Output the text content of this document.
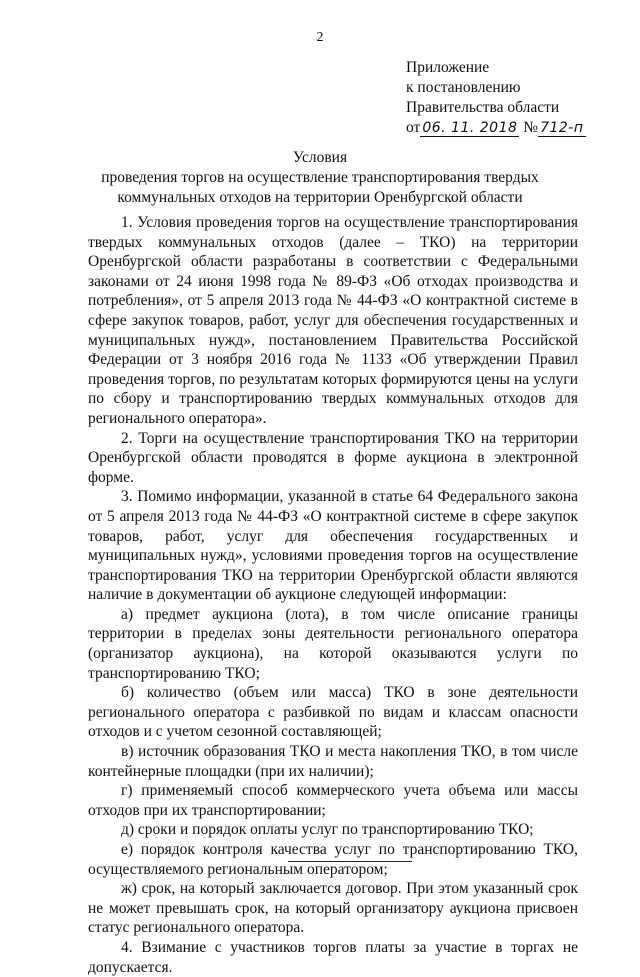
2
Приложение
к постановлению
Правительства области
от 06. 11. 2018 № 712-п
Условия
проведения торгов на осуществление транспортирования твердых
коммунальных отходов на территории Оренбургской области

1. Условия проведения торгов на осуществление транспортирования твердых коммунальных отходов (далее – ТКО) на территории Оренбургской области разработаны в соответствии с Федеральными законами от 24 июня 1998 года № 89-ФЗ «Об отходах производства и потребления», от 5 апреля 2013 года № 44-ФЗ «О контрактной системе в сфере закупок товаров, работ, услуг для обеспечения государственных и муниципальных нужд», постановлением Правительства Российской Федерации от 3 ноября 2016 года № 1133 «Об утверждении Правил проведения торгов, по результатам которых формируются цены на услуги по сбору и транспортированию твердых коммунальных отходов для регионального оператора».

2. Торги на осуществление транспортирования ТКО на территории Оренбургской области проводятся в форме аукциона в электронной форме.

3. Помимо информации, указанной в статье 64 Федерального закона от 5 апреля 2013 года № 44-ФЗ «О контрактной системе в сфере закупок товаров, работ, услуг для обеспечения государственных и муниципальных нужд», условиями проведения торгов на осуществление транспортирования ТКО на территории Оренбургской области являются наличие в документации об аукционе следующей информации:

а) предмет аукциона (лота), в том числе описание границы территории в пределах зоны деятельности регионального оператора (организатор аукциона), на которой оказываются услуги по транспортированию ТКО;

б) количество (объем или масса) ТКО в зоне деятельности регионального оператора с разбивкой по видам и классам опасности отходов и с учетом сезонной составляющей;

в) источник образования ТКО и места накопления ТКО, в том числе контейнерные площадки (при их наличии);

г) применяемый способ коммерческого учета объема или массы отходов при их транспортировании;

д) сроки и порядок оплаты услуг по транспортированию ТКО;

е) порядок контроля качества услуг по транспортированию ТКО, осуществляемого региональным оператором;

ж) срок, на который заключается договор. При этом указанный срок не может превышать срок, на который организатору аукциона присвоен статус регионального оператора.

4. Взимание с участников торгов платы за участие в торгах не допускается.
